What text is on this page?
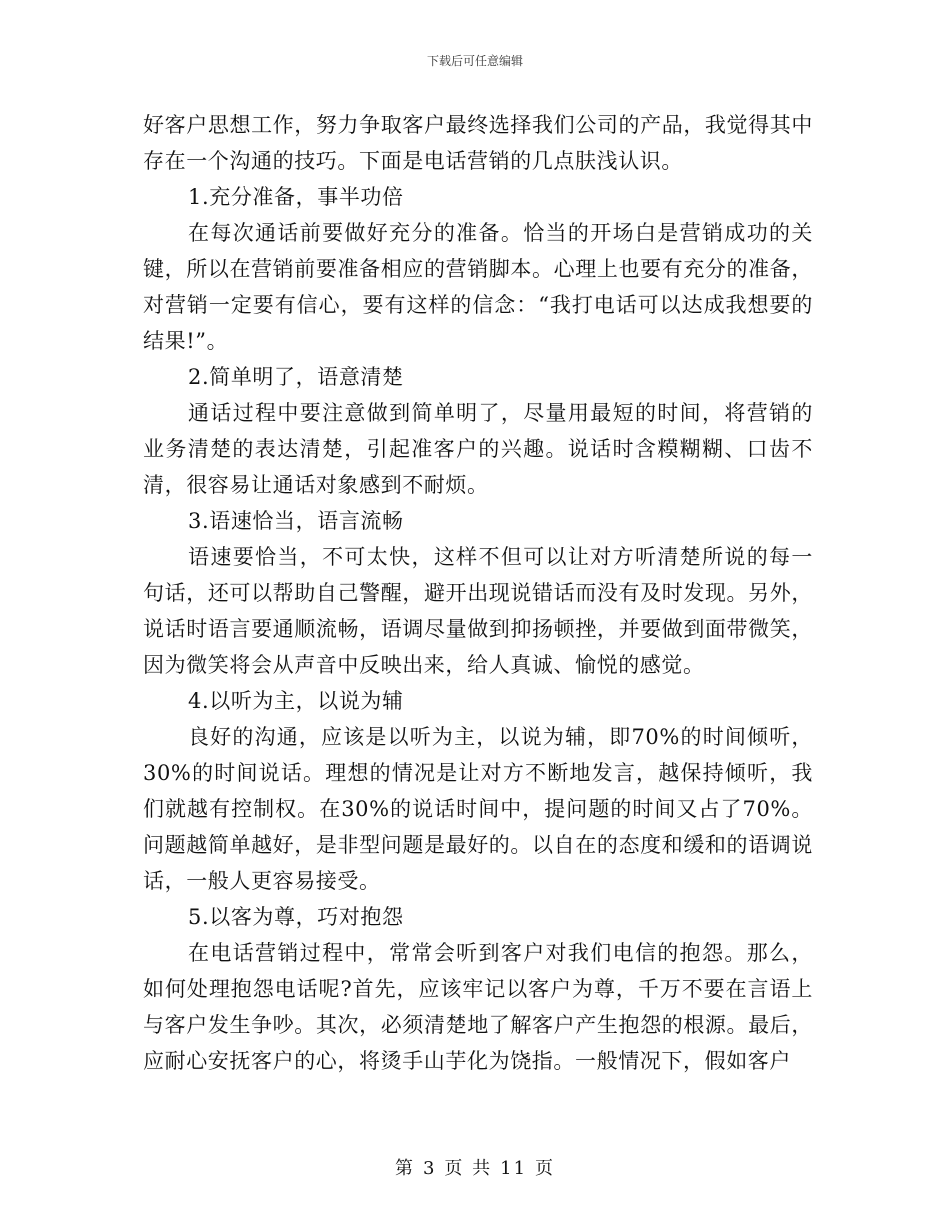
下载后可任意编辑

好客户思想工作，努力争取客户最终选择我们公司的产品，我觉得其中存在一个沟通的技巧。下面是电话营销的几点肤浅认识。

1.充分准备，事半功倍

在每次通话前要做好充分的准备。恰当的开场白是营销成功的关键，所以在营销前要准备相应的营销脚本。心理上也要有充分的准备，对营销一定要有信心，要有这样的信念：“我打电话可以达成我想要的结果!”。

2.简单明了，语意清楚

通话过程中要注意做到简单明了，尽量用最短的时间，将营销的业务清楚的表达清楚，引起准客户的兴趣。说话时含糢糊糊、口齿不清，很容易让通话对象感到不耐烦。

3.语速恰当，语言流畅

语速要恰当，不可太快，这样不但可以让对方听清楚所说的每一句话，还可以帮助自己警醒，避开出现说错话而没有及时发现。另外，说话时语言要通顺流畅，语调尽量做到抑扬顿挫，并要做到面带微笑，因为微笑将会从声音中反映出来，给人真诚、愉悦的感觉。

4.以听为主，以说为辅

良好的沟通，应该是以听为主，以说为辅，即70%的时间倾听，30%的时间说话。理想的情况是让对方不断地发言，越保持倾听，我们就越有控制权。在30%的说话时间中，提问题的时间又占了70%。问题越简单越好，是非型问题是最好的。以自在的态度和缓和的语调说话，一般人更容易接受。

5.以客为尊，巧对抱怨

在电话营销过程中，常常会听到客户对我们电信的抱怨。那么，如何处理抱怨电话呢?首先，应该牢记以客户为尊，千万不要在言语上与客户发生争吵。其次，必须清楚地了解客户产生抱怨的根源。最后，应耐心安抚客户的心，将烫手山芋化为饶指。一般情况下，假如客户

第 3 页 共 11 页
